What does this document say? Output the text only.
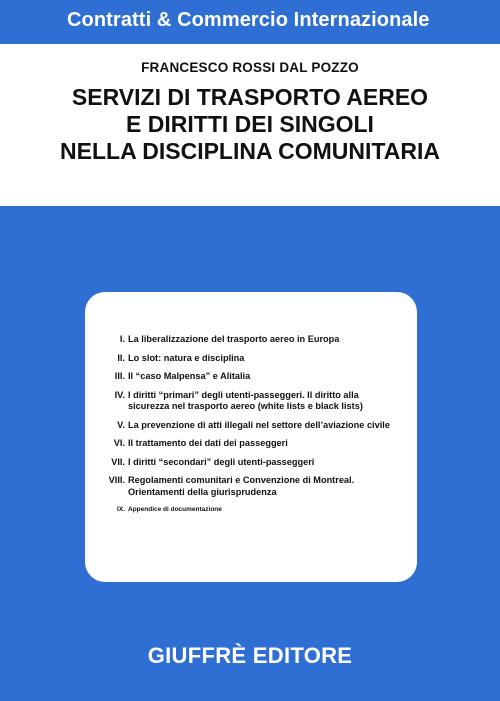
Contratti & Commercio Internazionale
FRANCESCO ROSSI DAL POZZO
SERVIZI DI TRASPORTO AEREO
E DIRITTI DEI SINGOLI
NELLA DISCIPLINA COMUNITARIA
I. La liberalizzazione del trasporto aereo in Europa
II. Lo slot: natura e disciplina
III. Il “caso Malpensa” e Alitalia
IV. I diritti “primari” degli utenti-passeggeri. Il diritto alla sicurezza nel trasporto aereo (white lists e black lists)
V. La prevenzione di atti illegali nel settore dell’aviazione civile
VI. Il trattamento dei dati dei passeggeri
VII. I diritti “secondari” degli utenti-passeggeri
VIII. Regolamenti comunitari e Convenzione di Montreal. Orientamenti della giurisprudenza
IX. Appendice di documentazione
GIUFFRÈ EDITORE
